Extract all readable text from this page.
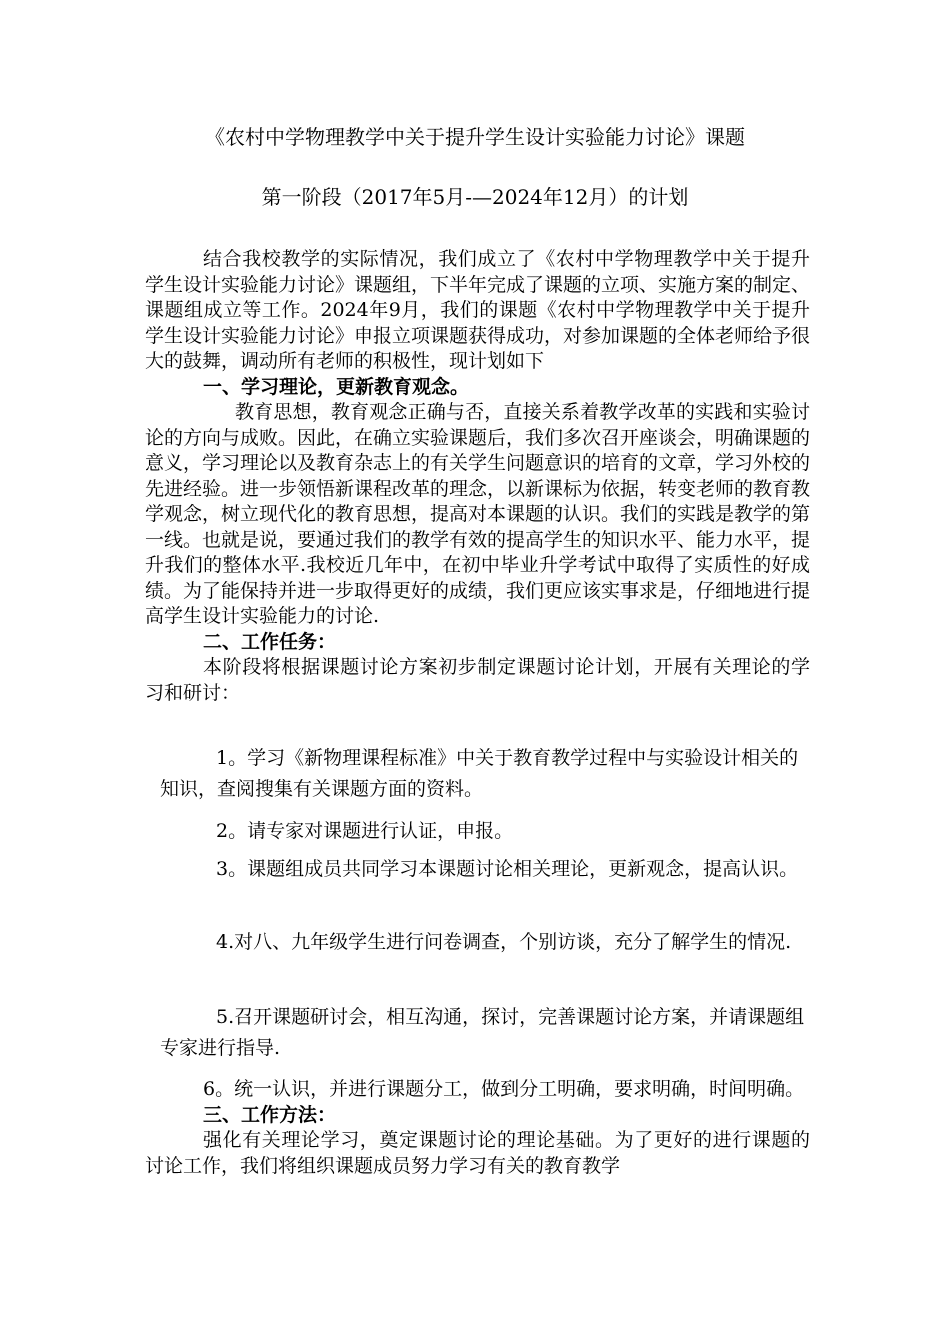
《农村中学物理教学中关于提升学生设计实验能力讨论》课题
第一阶段（2017年5月-—2024年12月）的计划

结合我校教学的实际情况，我们成立了《农村中学物理教学中关于提升学生设计实验能力讨论》课题组，下半年完成了课题的立项、实施方案的制定、课题组成立等工作。2024年9月，我们的课题《农村中学物理教学中关于提升学生设计实验能力讨论》申报立项课题获得成功，对参加课题的全体老师给予很大的鼓舞，调动所有老师的积极性，现计划如下

一、学习理论，更新教育观念。

教育思想，教育观念正确与否，直接关系着教学改革的实践和实验讨论的方向与成败。因此，在确立实验课题后，我们多次召开座谈会，明确课题的意义，学习理论以及教育杂志上的有关学生问题意识的培育的文章，学习外校的先进经验。进一步领悟新课程改革的理念，以新课标为依据，转变老师的教育教学观念，树立现代化的教育思想，提高对本课题的认识。我们的实践是教学的第一线。也就是说，要通过我们的教学有效的提高学生的知识水平、能力水平，提升我们的整体水平.我校近几年中，在初中毕业升学考试中取得了实质性的好成绩。为了能保持并进一步取得更好的成绩，我们更应该实事求是，仔细地进行提高学生设计实验能力的讨论.

二、工作任务：

本阶段将根据课题讨论方案初步制定课题讨论计划，开展有关理论的学习和研讨：

1。学习《新物理课程标准》中关于教育教学过程中与实验设计相关的知识，查阅搜集有关课题方面的资料。

2。请专家对课题进行认证，申报。

3。课题组成员共同学习本课题讨论相关理论，更新观念，提高认识。

4.对八、九年级学生进行问卷调查，个别访谈，充分了解学生的情况.

5.召开课题研讨会，相互沟通，探讨，完善课题讨论方案，并请课题组专家进行指导.

6。统一认识，并进行课题分工，做到分工明确，要求明确，时间明确。

三、工作方法：

强化有关理论学习，奠定课题讨论的理论基础。为了更好的进行课题的讨论工作，我们将组织课题成员努力学习有关的教育教学
